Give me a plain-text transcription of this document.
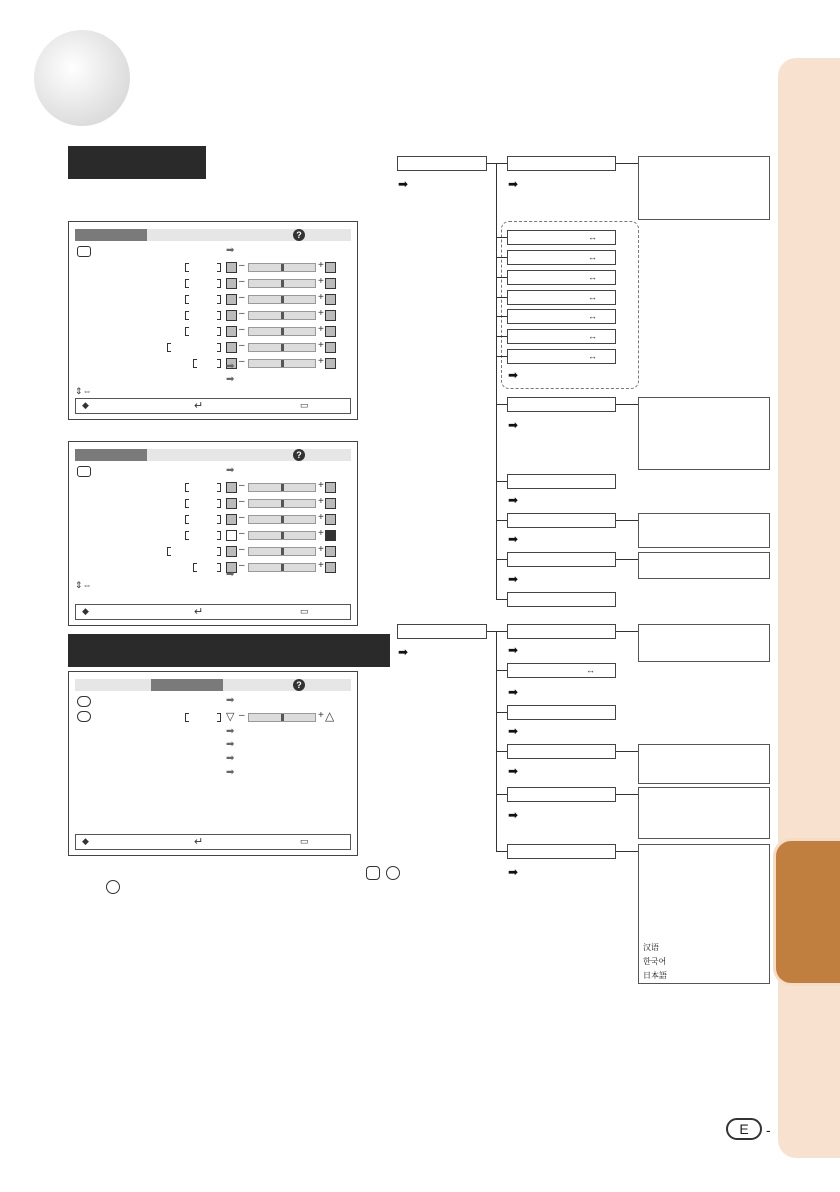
?
➡
–	+
–	+
–	+
–	+
–	+
–	+
–	+
➡
➡
⇕⇔
◆	↵	▭
?
➡
–	+
–	+
–	+
–	+
–	+
–	+
➡
⇕⇔
◆	↵	▭
?
➡
▽ –	+ △
➡
➡
➡
➡
◆	↵	▭
➡
➡
➡
↔
↔
↔
↔
↔
↔
↔
➡
➡
➡
➡
➡
➡
↔
➡
➡
➡
➡
➡
汉语
한국어
日本語
E	-
